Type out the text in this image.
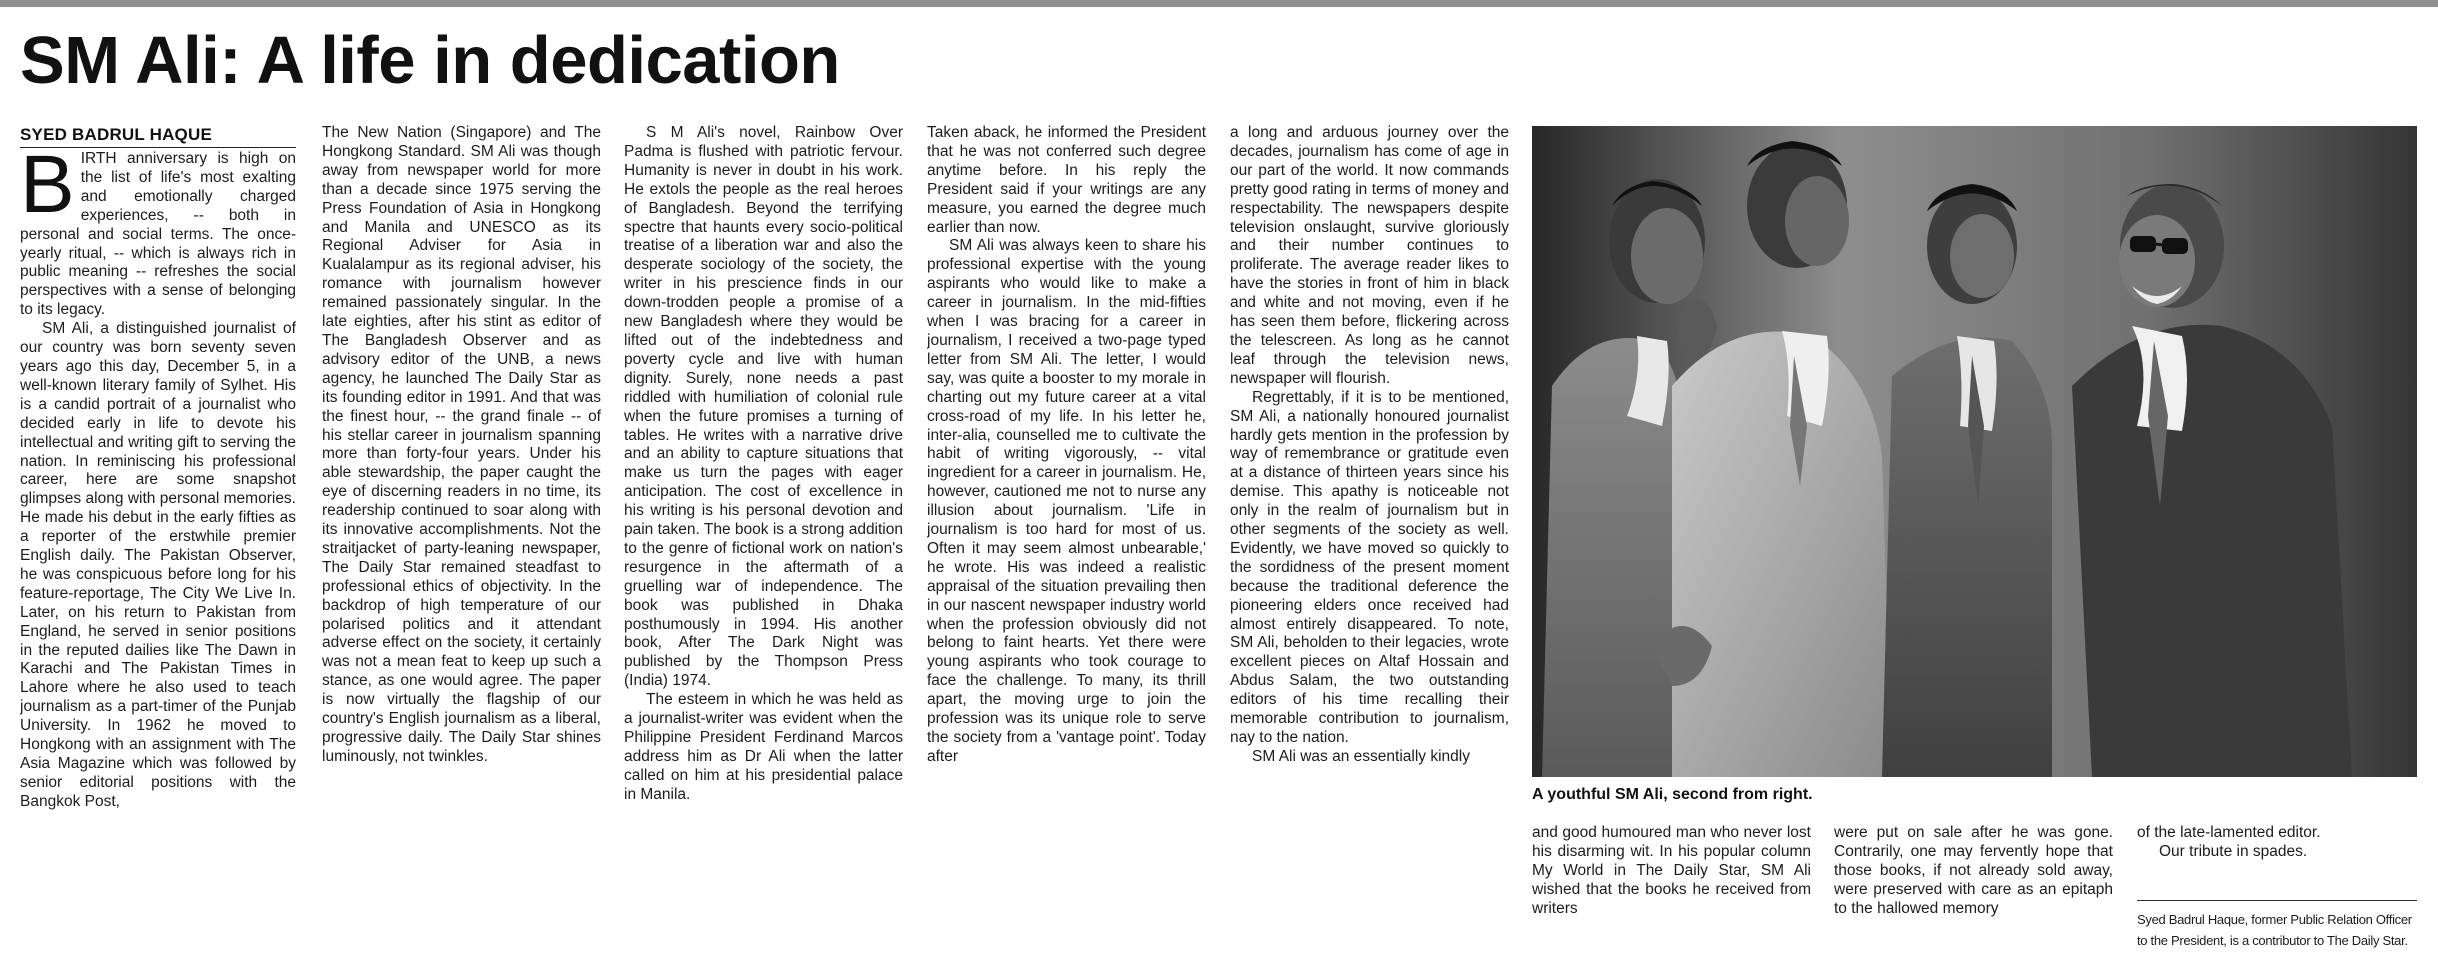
SM Ali: A life in dedication
SYED BADRUL HAQUE

BIRTH anniversary is high on the list of life's most exalting and emotionally charged experiences, -- both in personal and social terms. The once-yearly ritual, -- which is always rich in public meaning -- refreshes the social perspectives with a sense of belonging to its legacy.

SM Ali, a distinguished journalist of our country was born seventy seven years ago this day, December 5, in a well-known literary family of Sylhet. His is a candid portrait of a journalist who decided early in life to devote his intellectual and writing gift to serving the nation. In reminiscing his professional career, here are some snapshot glimpses along with personal memories. He made his debut in the early fifties as a reporter of the erstwhile premier English daily. The Pakistan Observer, he was conspicuous before long for his feature-reportage, The City We Live In. Later, on his return to Pakistan from England, he served in senior positions in the reputed dailies like The Dawn in Karachi and The Pakistan Times in Lahore where he also used to teach journalism as a part-timer of the Punjab University. In 1962 he moved to Hongkong with an assignment with The Asia Magazine which was followed by senior editorial positions with the Bangkok Post,

The New Nation (Singapore) and The Hongkong Standard. SM Ali was though away from newspaper world for more than a decade since 1975 serving the Press Foundation of Asia in Hongkong and Manila and UNESCO as its Regional Adviser for Asia in Kualalampur as its regional adviser, his romance with journalism however remained passionately singular. In the late eighties, after his stint as editor of The Bangladesh Observer and as advisory editor of the UNB, a news agency, he launched The Daily Star as its founding editor in 1991. And that was the finest hour, -- the grand finale -- of his stellar career in journalism spanning more than forty-four years. Under his able stewardship, the paper caught the eye of discerning readers in no time, its readership continued to soar along with its innovative accomplishments. Not the straitjacket of party-leaning newspaper, The Daily Star remained steadfast to professional ethics of objectivity. In the backdrop of high temperature of our polarised politics and it attendant adverse effect on the society, it certainly was not a mean feat to keep up such a stance, as one would agree. The paper is now virtually the flagship of our country's English journalism as a liberal, progressive daily. The Daily Star shines luminously, not twinkles.

S M Ali's novel, Rainbow Over Padma is flushed with patriotic fervour. Humanity is never in doubt in his work. He extols the people as the real heroes of Bangladesh. Beyond the terrifying spectre that haunts every socio-political treatise of a liberation war and also the desperate sociology of the society, the writer in his prescience finds in our down-trodden people a promise of a new Bangladesh where they would be lifted out of the indebtedness and poverty cycle and live with human dignity. Surely, none needs a past riddled with humiliation of colonial rule when the future promises a turning of tables. He writes with a narrative drive and an ability to capture situations that make us turn the pages with eager anticipation. The cost of excellence in his writing is his personal devotion and pain taken. The book is a strong addition to the genre of fictional work on nation's resurgence in the aftermath of a gruelling war of independence. The book was published in Dhaka posthumously in 1994. His another book, After The Dark Night was published by the Thompson Press (India) 1974.

The esteem in which he was held as a journalist-writer was evident when the Philippine President Ferdinand Marcos address him as Dr Ali when the latter called on him at his presidential palace in Manila.

Taken aback, he informed the President that he was not conferred such degree anytime before. In his reply the President said if your writings are any measure, you earned the degree much earlier than now.

SM Ali was always keen to share his professional expertise with the young aspirants who would like to make a career in journalism. In the mid-fifties when I was bracing for a career in journalism, I received a two-page typed letter from SM Ali. The letter, I would say, was quite a booster to my morale in charting out my future career at a vital cross-road of my life. In his letter he, inter-alia, counselled me to cultivate the habit of writing vigorously, -- vital ingredient for a career in journalism. He, however, cautioned me not to nurse any illusion about journalism. 'Life in journalism is too hard for most of us. Often it may seem almost unbearable,' he wrote. His was indeed a realistic appraisal of the situation prevailing then in our nascent newspaper industry world when the profession obviously did not belong to faint hearts. Yet there were young aspirants who took courage to face the challenge. To many, its thrill apart, the moving urge to join the profession was its unique role to serve the society from a 'vantage point'. Today after

a long and arduous journey over the decades, journalism has come of age in our part of the world. It now commands pretty good rating in terms of money and respectability. The newspapers despite television onslaught, survive gloriously and their number continues to proliferate. The average reader likes to have the stories in front of him in black and white and not moving, even if he has seen them before, flickering across the telescreen. As long as he cannot leaf through the television news, newspaper will flourish.

Regrettably, if it is to be mentioned, SM Ali, a nationally honoured journalist hardly gets mention in the profession by way of remembrance or gratitude even at a distance of thirteen years since his demise. This apathy is noticeable not only in the realm of journalism but in other segments of the society as well. Evidently, we have moved so quickly to the sordidness of the present moment because the traditional deference the pioneering elders once received had almost entirely disappeared. To note, SM Ali, beholden to their legacies, wrote excellent pieces on Altaf Hossain and Abdus Salam, the two outstanding editors of his time recalling their memorable contribution to journalism, nay to the nation.

SM Ali was an essentially kindly

A youthful SM Ali, second from right.

and good humoured man who never lost his disarming wit. In his popular column My World in The Daily Star, SM Ali wished that the books he received from writers

were put on sale after he was gone. Contrarily, one may fervently hope that those books, if not already sold away, were preserved with care as an epitaph to the hallowed memory

of the late-lamented editor.

Our tribute in spades.

Syed Badrul Haque, former Public Relation Officer to the President, is a contributor to The Daily Star.
